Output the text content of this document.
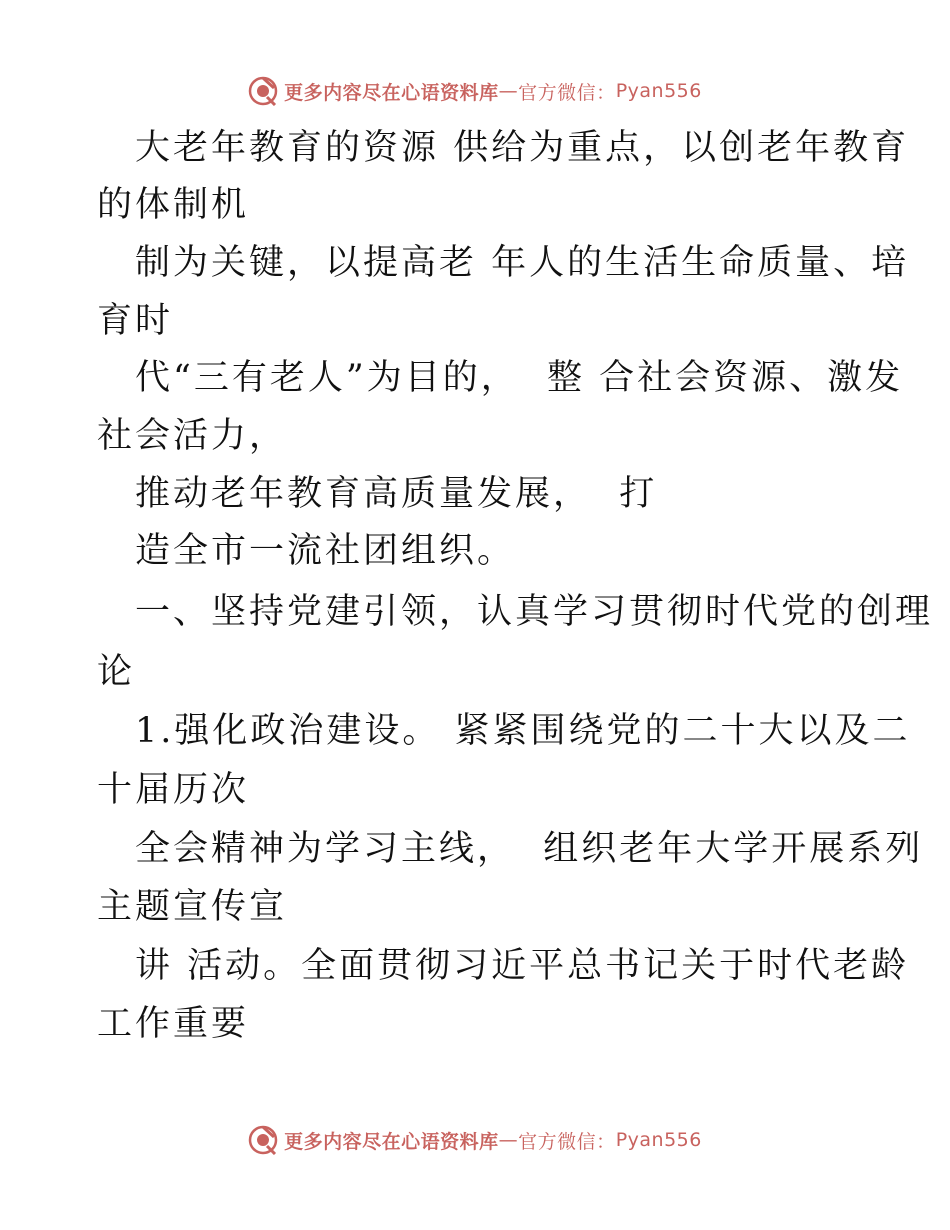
更多内容尽在心语资料库 — 官方微信： Pyan556
大老年教育的资源 供给为重点，以创老年教育
的体制机
制为关键，以提高老 年人的生活生命质量、培
育时
代“三有老人”为目的，  整 合社会资源、激发
社会活力，
推动老年教育高质量发展，  打
造全市一流社团组织。
一、坚持党建引领，认真学习贯彻时代党的创理
论
1.强化政治建设。 紧紧围绕党的二十大以及二
十届历次
全会精神为学习主线，  组织老年大学开展系列
主题宣传宣
讲 活动。全面贯彻习近平总书记关于时代老龄
工作重要
更多内容尽在心语资料库 — 官方微信： Pyan556
